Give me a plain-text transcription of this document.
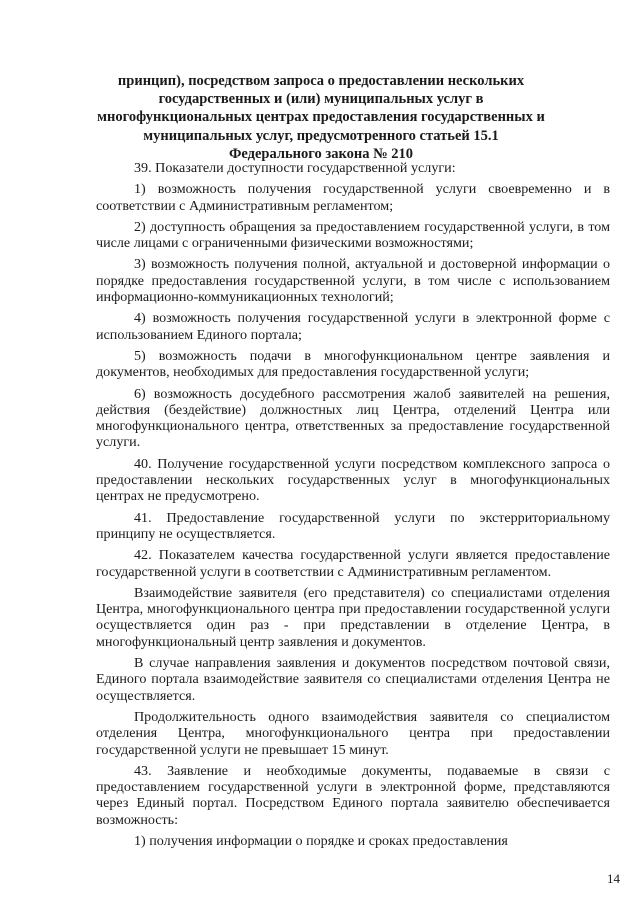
принцип), посредством запроса о предоставлении нескольких государственных и (или) муниципальных услуг в многофункциональных центрах предоставления государственных и муниципальных услуг, предусмотренного статьей 15.1 Федерального закона № 210

39. Показатели доступности государственной услуги:

1) возможность получения государственной услуги своевременно и в соответствии с Административным регламентом;

2) доступность обращения за предоставлением государственной услуги, в том числе лицами с ограниченными физическими возможностями;

3) возможность получения полной, актуальной и достоверной информации о порядке предоставления государственной услуги, в том числе с использованием информационно-коммуникационных технологий;

4) возможность получения государственной услуги в электронной форме с использованием Единого портала;

5) возможность подачи в многофункциональном центре заявления и документов, необходимых для предоставления государственной услуги;

6) возможность досудебного рассмотрения жалоб заявителей на решения, действия (бездействие) должностных лиц Центра, отделений Центра или многофункционального центра, ответственных за предоставление государственной услуги.

40. Получение государственной услуги посредством комплексного запроса о предоставлении нескольких государственных услуг в многофункциональных центрах не предусмотрено.

41. Предоставление государственной услуги по экстерриториальному принципу не осуществляется.

42. Показателем качества государственной услуги является предоставление государственной услуги в соответствии с Административным регламентом.

Взаимодействие заявителя (его представителя) со специалистами отделения Центра, многофункционального центра при предоставлении государственной услуги осуществляется один раз - при представлении в отделение Центра, в многофункциональный центр заявления и документов.

В случае направления заявления и документов посредством почтовой связи, Единого портала взаимодействие заявителя со специалистами отделения Центра не осуществляется.

Продолжительность одного взаимодействия заявителя со специалистом отделения Центра, многофункционального центра при предоставлении государственной услуги не превышает 15 минут.

43. Заявление и необходимые документы, подаваемые в связи с предоставлением государственной услуги в электронной форме, представляются через Единый портал. Посредством Единого портала заявителю обеспечивается возможность:

1) получения информации о порядке и сроках предоставления

14
